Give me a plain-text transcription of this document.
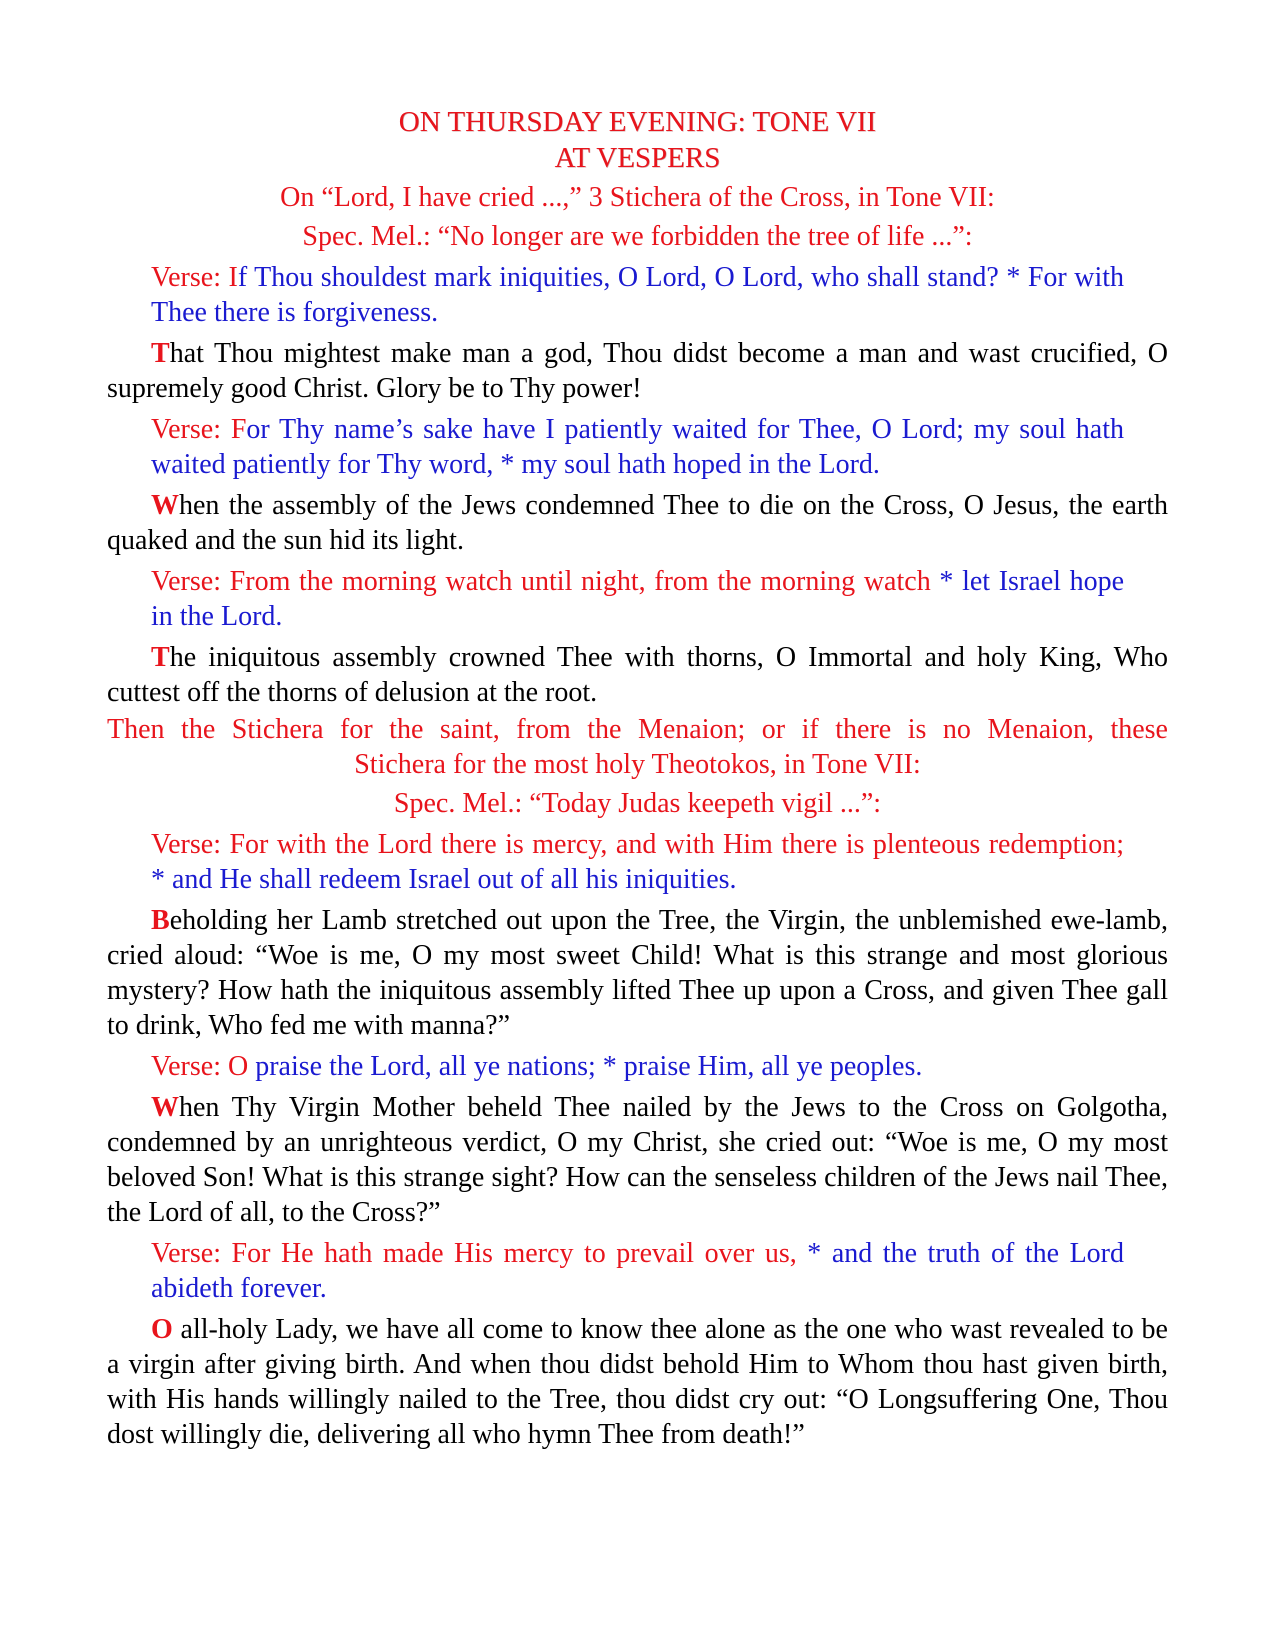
ON THURSDAY EVENING: TONE VII
AT VESPERS
On “Lord, I have cried ...,” 3 Stichera of the Cross, in Tone VII:
Spec. Mel.: “No longer are we forbidden the tree of life ...”:
Verse: If Thou shouldest mark iniquities, O Lord, O Lord, who shall stand? * For with Thee there is forgiveness.
That Thou mightest make man a god, Thou didst become a man and wast crucified, O supremely good Christ. Glory be to Thy power!
Verse: For Thy name’s sake have I patiently waited for Thee, O Lord; my soul hath waited patiently for Thy word, * my soul hath hoped in the Lord.
When the assembly of the Jews condemned Thee to die on the Cross, O Jesus, the earth quaked and the sun hid its light.
Verse: From the morning watch until night, from the morning watch * let Israel hope in the Lord.
The iniquitous assembly crowned Thee with thorns, O Immortal and holy King, Who cuttest off the thorns of delusion at the root.
Then the Stichera for the saint, from the Menaion; or if there is no Menaion, these
Stichera for the most holy Theotokos, in Tone VII:
Spec. Mel.: “Today Judas keepeth vigil ...”:
Verse: For with the Lord there is mercy, and with Him there is plenteous redemption; * and He shall redeem Israel out of all his iniquities.
Beholding her Lamb stretched out upon the Tree, the Virgin, the unblemished ewe-lamb, cried aloud: “Woe is me, O my most sweet Child! What is this strange and most glorious mystery? How hath the iniquitous assembly lifted Thee up upon a Cross, and given Thee gall to drink, Who fed me with manna?”
Verse: O praise the Lord, all ye nations; * praise Him, all ye peoples.
When Thy Virgin Mother beheld Thee nailed by the Jews to the Cross on Golgotha, condemned by an unrighteous verdict, O my Christ, she cried out: “Woe is me, O my most beloved Son! What is this strange sight? How can the senseless children of the Jews nail Thee, the Lord of all, to the Cross?”
Verse: For He hath made His mercy to prevail over us, * and the truth of the Lord abideth forever.
O all-holy Lady, we have all come to know thee alone as the one who wast revealed to be a virgin after giving birth. And when thou didst behold Him to Whom thou hast given birth, with His hands willingly nailed to the Tree, thou didst cry out: “O Longsuffering One, Thou dost willingly die, delivering all who hymn Thee from death!”
